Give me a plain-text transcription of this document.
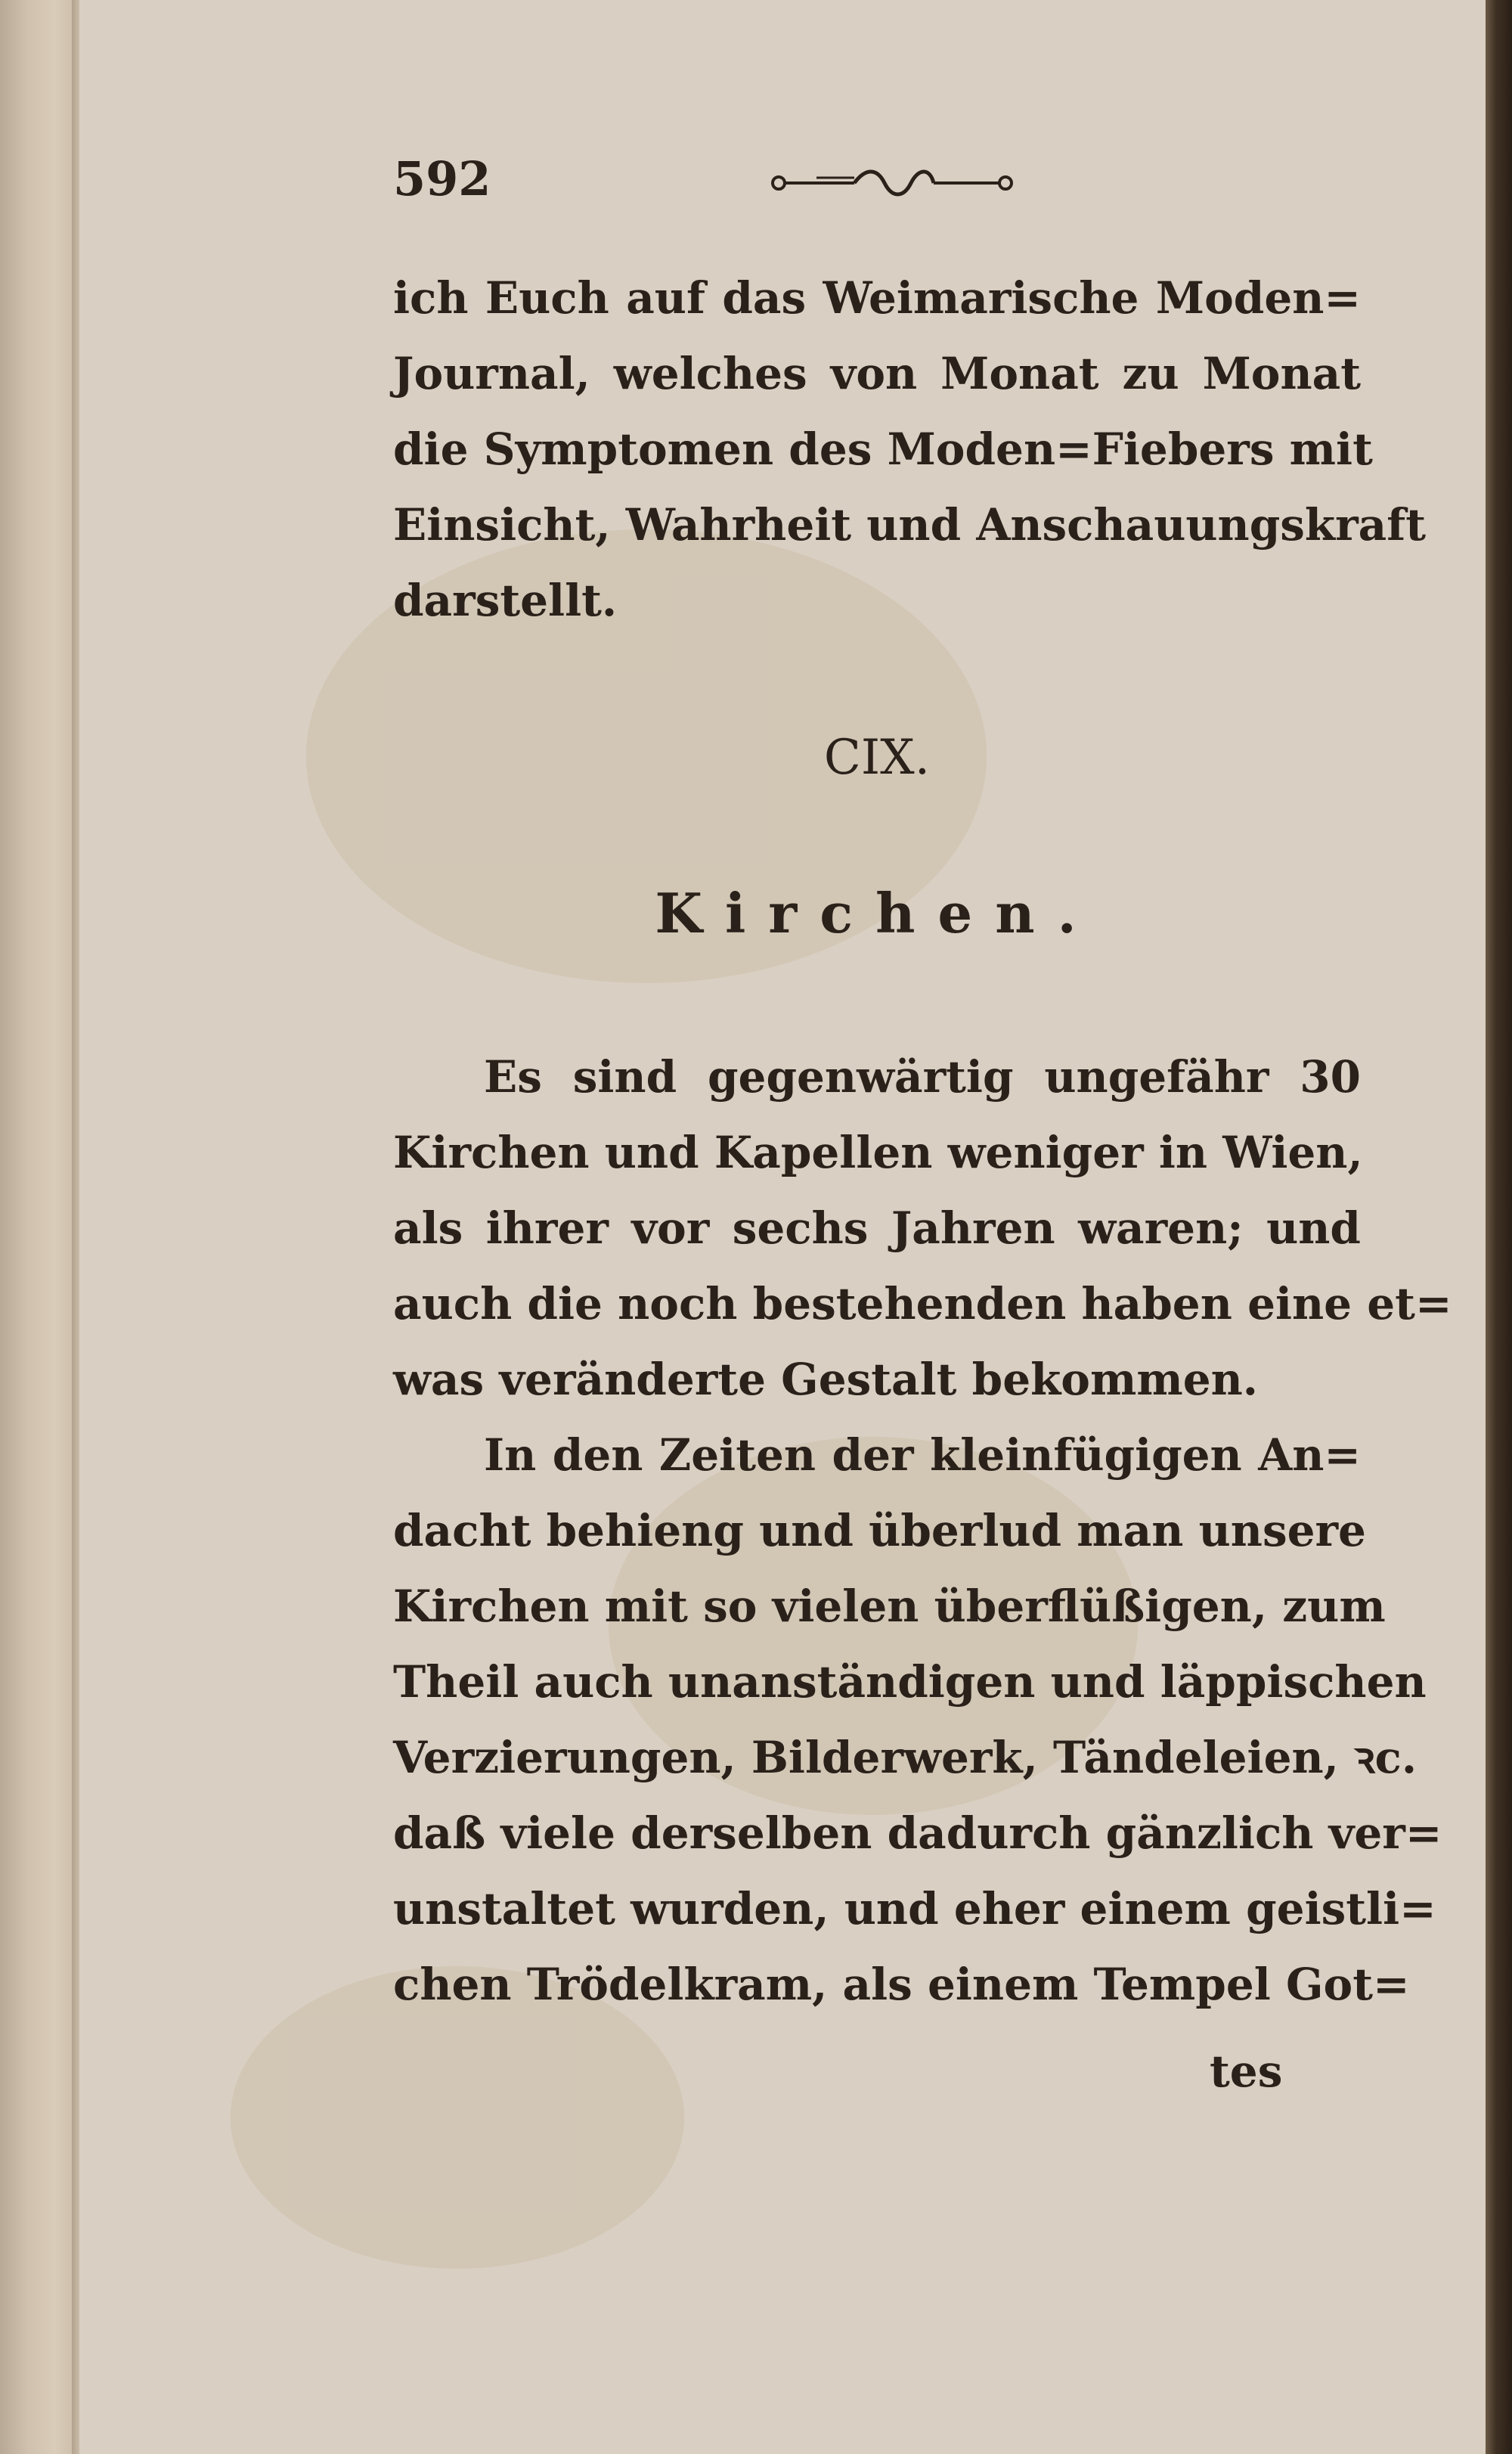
592
ich Euch auf das Weimarische Moden=
Journal, welches von Monat zu Monat
die Symptomen des Moden=Fiebers mit
Einsicht, Wahrheit und Anschauungskraft
darstellt.
CIX.
Kirchen.
Es sind gegenwärtig ungefähr 30
Kirchen und Kapellen weniger in Wien,
als ihrer vor sechs Jahren waren; und
auch die noch bestehenden haben eine et=
was veränderte Gestalt bekommen.
In den Zeiten der kleinfügigen An=
dacht behieng und überlud man unsere
Kirchen mit so vielen überflüßigen, zum
Theil auch unanständigen und läppischen
Verzierungen, Bilderwerk, Tändeleien, ꝛc.
daß viele derselben dadurch gänzlich ver=
unstaltet wurden, und eher einem geistli=
chen Trödelkram, als einem Tempel Got=
tes
